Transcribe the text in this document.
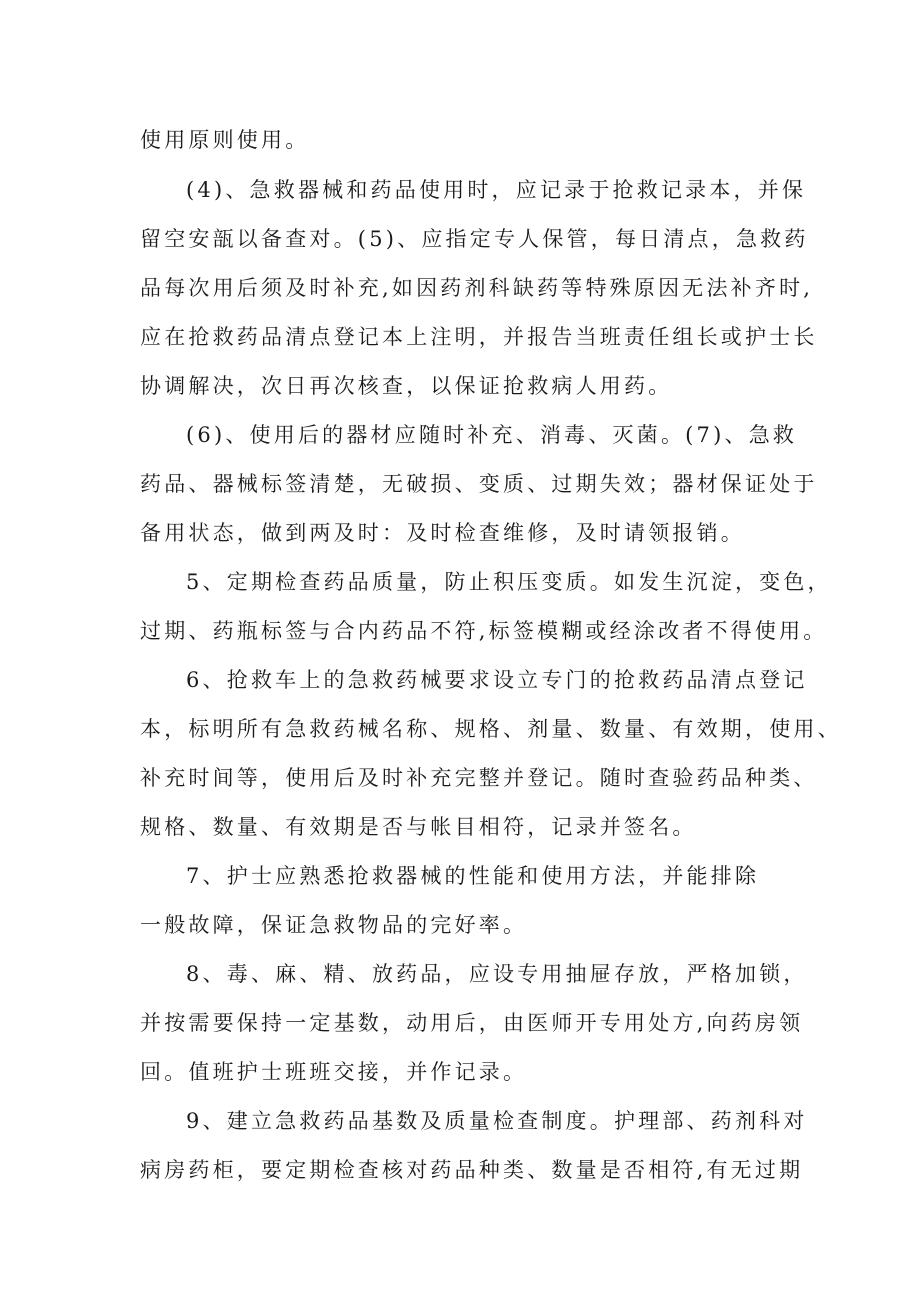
使用原则使用。
(4)、急救器械和药品使用时，应记录于抢救记录本，并保
留空安瓿以备查对。(5)、应指定专人保管，每日清点，急救药
品每次用后须及时补充,如因药剂科缺药等特殊原因无法补齐时,
应在抢救药品清点登记本上注明，并报告当班责任组长或护士长
协调解决，次日再次核查，以保证抢救病人用药。
(6)、使用后的器材应随时补充、消毒、灭菌。(7)、急救
药品、器械标签清楚，无破损、变质、过期失效；器材保证处于
备用状态，做到两及时：及时检查维修，及时请领报销。
5、定期检查药品质量，防止积压变质。如发生沉淀，变色，
过期、药瓶标签与合内药品不符,标签模糊或经涂改者不得使用。
6、抢救车上的急救药械要求设立专门的抢救药品清点登记
本，标明所有急救药械名称、规格、剂量、数量、有效期，使用、
补充时间等，使用后及时补充完整并登记。随时查验药品种类、
规格、数量、有效期是否与帐目相符，记录并签名。
7、护士应熟悉抢救器械的性能和使用方法，并能排除
一般故障，保证急救物品的完好率。
8、毒、麻、精、放药品，应设专用抽屉存放，严格加锁，
并按需要保持一定基数，动用后，由医师开专用处方,向药房领
回。值班护士班班交接，并作记录。
9、建立急救药品基数及质量检查制度。护理部、药剂科对
病房药柜，要定期检查核对药品种类、数量是否相符,有无过期
